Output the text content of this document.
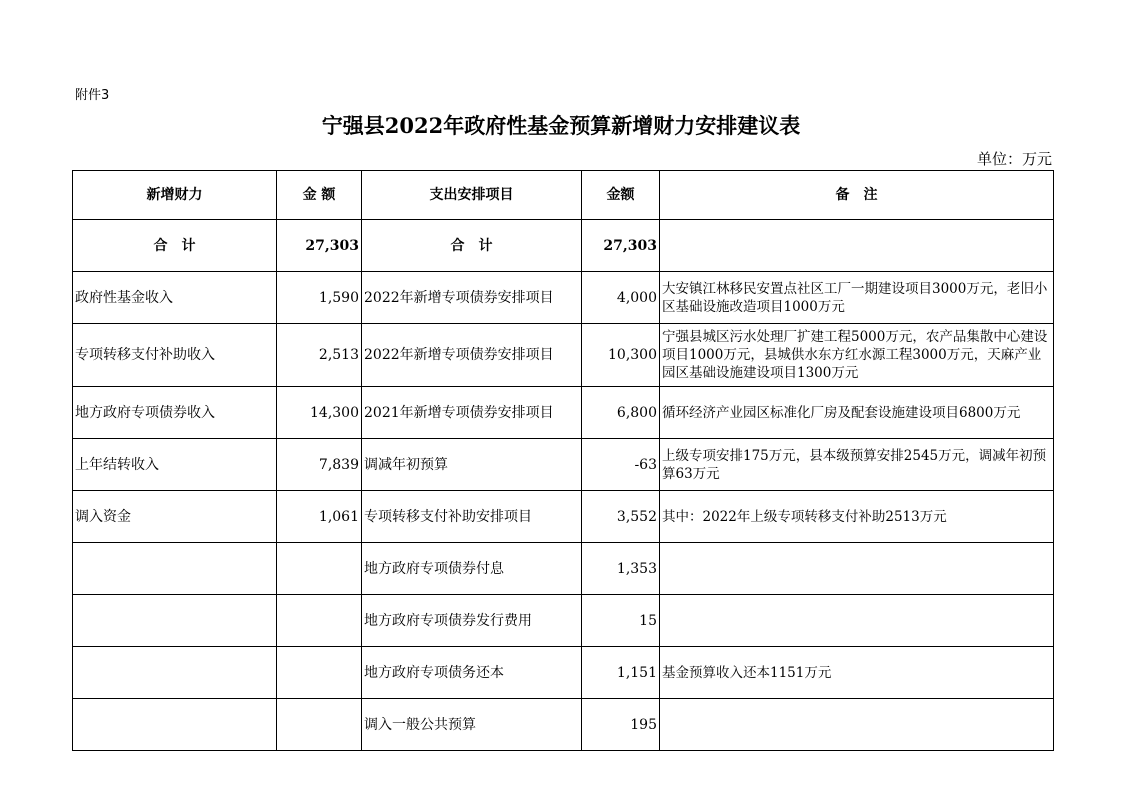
附件3
宁强县2022年政府性基金预算新增财力安排建议表
单位：万元
新增财力	金 额	支出安排项目	金额	备　注
合　计	27,303	合　计	27,303	
政府性基金收入	1,590	2022年新增专项债券安排项目	4,000	大安镇江林移民安置点社区工厂一期建设项目3000万元，老旧小区基础设施改造项目1000万元
专项转移支付补助收入	2,513	2022年新增专项债券安排项目	10,300	宁强县城区污水处理厂扩建工程5000万元，农产品集散中心建设项目1000万元，县城供水东方红水源工程3000万元，天麻产业园区基础设施建设项目1300万元
地方政府专项债券收入	14,300	2021年新增专项债券安排项目	6,800	循环经济产业园区标准化厂房及配套设施建设项目6800万元
上年结转收入	7,839	调减年初预算	-63	上级专项安排175万元，县本级预算安排2545万元，调减年初预算63万元
调入资金	1,061	专项转移支付补助安排项目	3,552	其中：2022年上级专项转移支付补助2513万元
		地方政府专项债券付息	1,353	
		地方政府专项债券发行费用	15	
		地方政府专项债务还本	1,151	基金预算收入还本1151万元
		调入一般公共预算	195	
